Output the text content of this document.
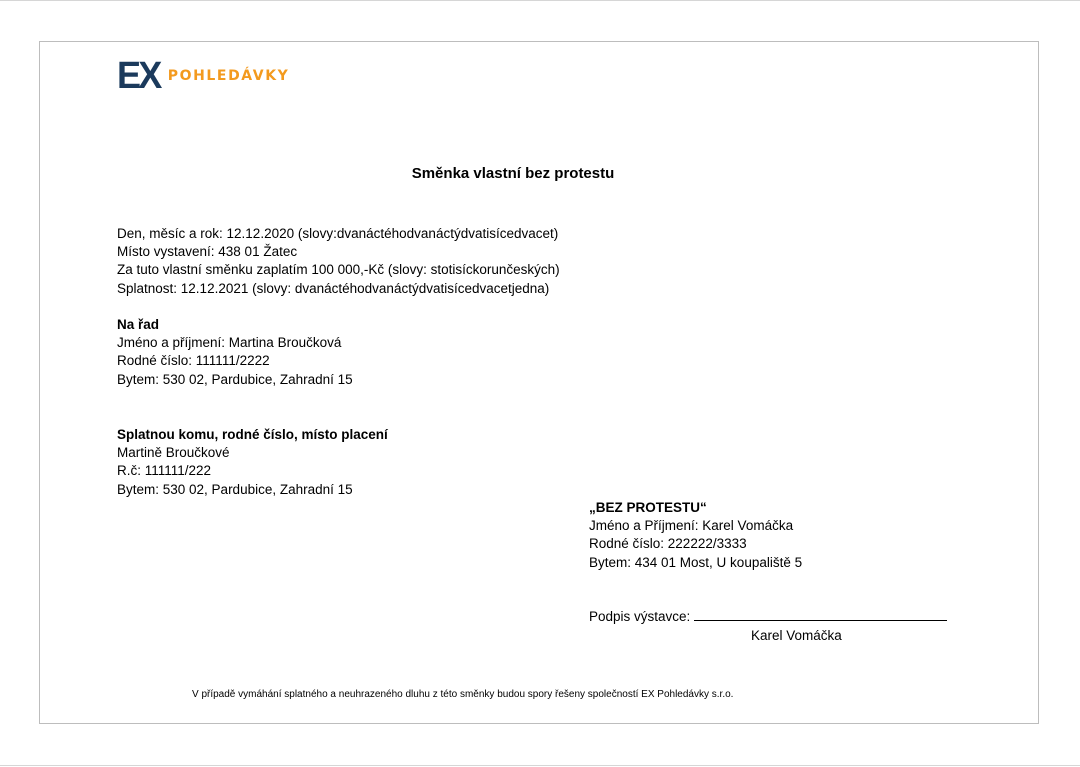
EX POHLEDÁVKY
Směnka vlastní bez protestu
Den, měsíc a rok: 12.12.2020 (slovy:dvanáctéhodvanáctýdvatisícedvacet)
Místo vystavení: 438 01 Žatec
Za tuto vlastní směnku zaplatím 100 000,-Kč (slovy: stotisíckorunčeských)
Splatnost: 12.12.2021 (slovy: dvanáctéhodvanáctýdvatisícedvacetjedna)
Na řad
Jméno a příjmení: Martina Broučková
Rodné číslo: 111111/2222
Bytem: 530 02, Pardubice, Zahradní 15
Splatnou komu, rodné číslo, místo placení
Martině Broučkové
R.č: 111111/222
Bytem: 530 02, Pardubice, Zahradní 15
„BEZ PROTESTU“
Jméno a Příjmení: Karel Vomáčka
Rodné číslo: 222222/3333
Bytem: 434 01 Most, U koupaliště 5
Podpis výstavce:
Karel Vomáčka
V případě vymáhání splatného a neuhrazeného dluhu z této směnky budou spory řešeny společností EX Pohledávky s.r.o.
